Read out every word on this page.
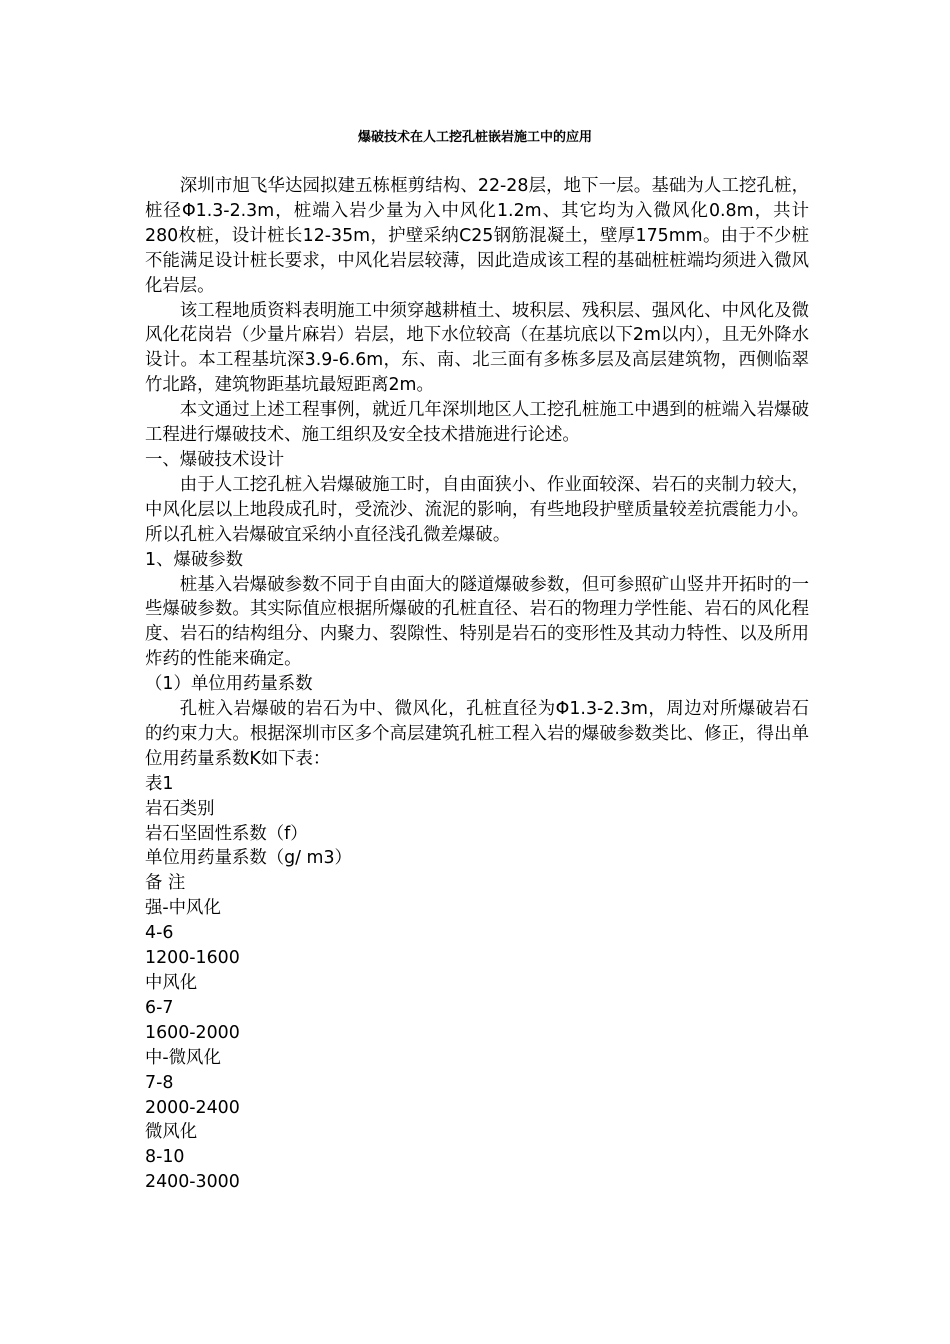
爆破技术在人工挖孔桩嵌岩施工中的应用

深圳市旭飞华达园拟建五栋框剪结构、22-28层，地下一层。基础为人工挖孔桩，桩径Φ1.3-2.3m，桩端入岩少量为入中风化1.2m、其它均为入微风化0.8m，共计280枚桩，设计桩长12-35m，护壁采纳C25钢筋混凝土，壁厚175mm。由于不少桩不能满足设计桩长要求，中风化岩层较薄，因此造成该工程的基础桩桩端均须进入微风化岩层。

该工程地质资料表明施工中须穿越耕植土、坡积层、残积层、强风化、中风化及微风化花岗岩（少量片麻岩）岩层，地下水位较高（在基坑底以下2m以内），且无外降水设计。本工程基坑深3.9-6.6m，东、南、北三面有多栋多层及高层建筑物，西侧临翠竹北路，建筑物距基坑最短距离2m。

本文通过上述工程事例，就近几年深圳地区人工挖孔桩施工中遇到的桩端入岩爆破工程进行爆破技术、施工组织及安全技术措施进行论述。

一、爆破技术设计

由于人工挖孔桩入岩爆破施工时，自由面狭小、作业面较深、岩石的夹制力较大，中风化层以上地段成孔时，受流沙、流泥的影响，有些地段护壁质量较差抗震能力小。所以孔桩入岩爆破宜采纳小直径浅孔微差爆破。

1、爆破参数

桩基入岩爆破参数不同于自由面大的隧道爆破参数，但可参照矿山竖井开拓时的一些爆破参数。其实际值应根据所爆破的孔桩直径、岩石的物理力学性能、岩石的风化程度、岩石的结构组分、内聚力、裂隙性、特别是岩石的变形性及其动力特性、以及所用炸药的性能来确定。

（1）单位用药量系数

孔桩入岩爆破的岩石为中、微风化，孔桩直径为Φ1.3-2.3m，周边对所爆破岩石的约束力大。根据深圳市区多个高层建筑孔桩工程入岩的爆破参数类比、修正，得出单位用药量系数K如下表：

表1

岩石类别

岩石坚固性系数（f）

单位用药量系数（g/ m3）

备 注

强-中风化

4-6

1200-1600

中风化

6-7

1600-2000

中-微风化

7-8

2000-2400

微风化

8-10

2400-3000
